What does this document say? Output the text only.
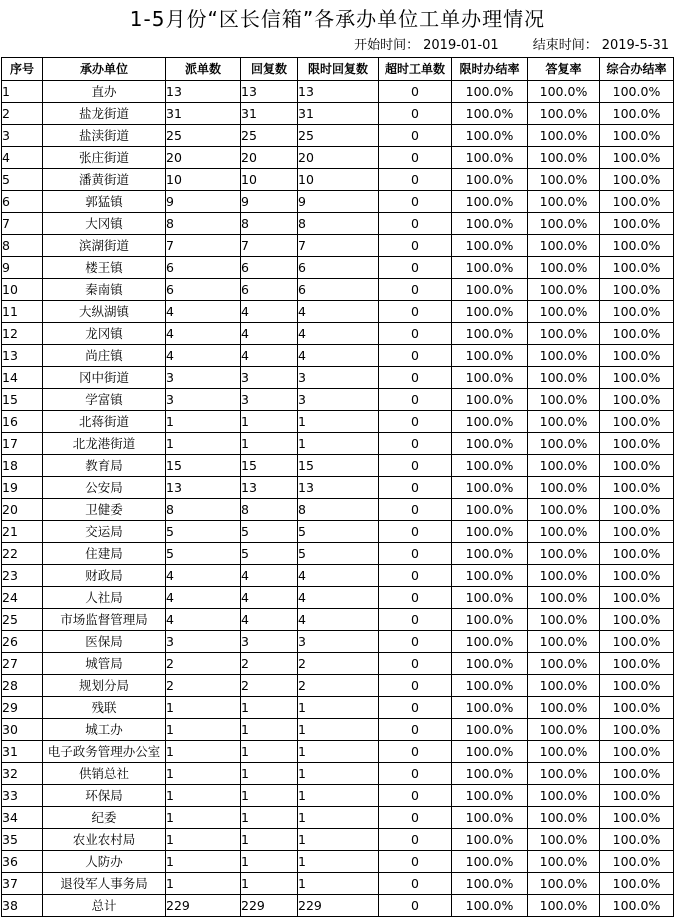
1-5月份“区长信箱”各承办单位工单办理情况
开始时间： 2019-01-01	结束时间： 2019-5-31
序号	承办单位	派单数	回复数	限时回复数	超时工单数	限时办结率	答复率	综合办结率
1	直办	13	13	13	0	100.0%	100.0%	100.0%
2	盐龙街道	31	31	31	0	100.0%	100.0%	100.0%
3	盐渎街道	25	25	25	0	100.0%	100.0%	100.0%
4	张庄街道	20	20	20	0	100.0%	100.0%	100.0%
5	潘黄街道	10	10	10	0	100.0%	100.0%	100.0%
6	郭猛镇	9	9	9	0	100.0%	100.0%	100.0%
7	大冈镇	8	8	8	0	100.0%	100.0%	100.0%
8	滨湖街道	7	7	7	0	100.0%	100.0%	100.0%
9	楼王镇	6	6	6	0	100.0%	100.0%	100.0%
10	秦南镇	6	6	6	0	100.0%	100.0%	100.0%
11	大纵湖镇	4	4	4	0	100.0%	100.0%	100.0%
12	龙冈镇	4	4	4	0	100.0%	100.0%	100.0%
13	尚庄镇	4	4	4	0	100.0%	100.0%	100.0%
14	冈中街道	3	3	3	0	100.0%	100.0%	100.0%
15	学富镇	3	3	3	0	100.0%	100.0%	100.0%
16	北蒋街道	1	1	1	0	100.0%	100.0%	100.0%
17	北龙港街道	1	1	1	0	100.0%	100.0%	100.0%
18	教育局	15	15	15	0	100.0%	100.0%	100.0%
19	公安局	13	13	13	0	100.0%	100.0%	100.0%
20	卫健委	8	8	8	0	100.0%	100.0%	100.0%
21	交运局	5	5	5	0	100.0%	100.0%	100.0%
22	住建局	5	5	5	0	100.0%	100.0%	100.0%
23	财政局	4	4	4	0	100.0%	100.0%	100.0%
24	人社局	4	4	4	0	100.0%	100.0%	100.0%
25	市场监督管理局	4	4	4	0	100.0%	100.0%	100.0%
26	医保局	3	3	3	0	100.0%	100.0%	100.0%
27	城管局	2	2	2	0	100.0%	100.0%	100.0%
28	规划分局	2	2	2	0	100.0%	100.0%	100.0%
29	残联	1	1	1	0	100.0%	100.0%	100.0%
30	城工办	1	1	1	0	100.0%	100.0%	100.0%
31	电子政务管理办公室	1	1	1	0	100.0%	100.0%	100.0%
32	供销总社	1	1	1	0	100.0%	100.0%	100.0%
33	环保局	1	1	1	0	100.0%	100.0%	100.0%
34	纪委	1	1	1	0	100.0%	100.0%	100.0%
35	农业农村局	1	1	1	0	100.0%	100.0%	100.0%
36	人防办	1	1	1	0	100.0%	100.0%	100.0%
37	退役军人事务局	1	1	1	0	100.0%	100.0%	100.0%
38	总计	229	229	229	0	100.0%	100.0%	100.0%
